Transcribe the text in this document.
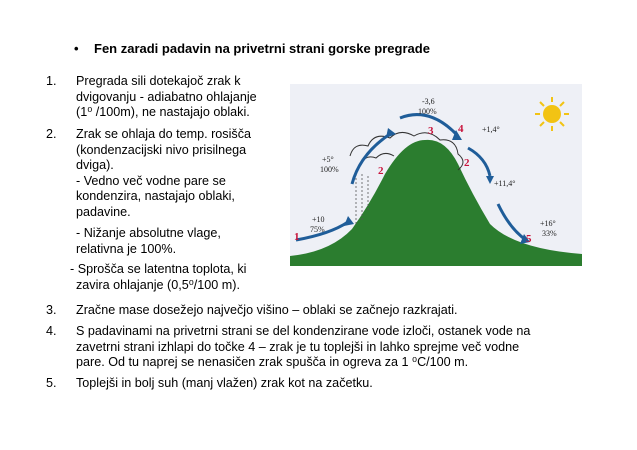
• Fen zaradi padavin na privetrni strani gorske pregrade
1. Pregrada sili dotekajoč zrak k
dvigovanju - adiabatno ohlajanje
(1⁰ /100m), ne nastajajo oblaki.
2. Zrak se ohlaja do temp. rosišča
(kondenzacijski nivo prisilnega
dviga).
- Vedno več vodne pare se
kondenzira, nastajajo oblaki,
padavine.
- Nižanje absolutne vlage,
relativna je 100%.
- Sprošča se latentna toplota, ki
zavira ohlajanje (0,5⁰/100 m).
3. Zračne mase dosežejo največjo višino – oblaki se začnejo razkrajati.
4. S padavinami na privetrni strani se del kondenzirane vode izloči, ostanek vode na
zavetrni strani izhlapi do točke 4 – zrak je tu toplejši in lahko sprejme več vodne
pare. Od tu naprej se nenasičen zrak spušča in ogreva za 1 ⁰C/100 m.
5. Toplejši in bolj suh (manj vlažen) zrak kot na začetku.
1
2
3 4
2
5
+10
75%
+5°
100%
-3,6
100%
+1,4°
+11,4°
+16°
33%
